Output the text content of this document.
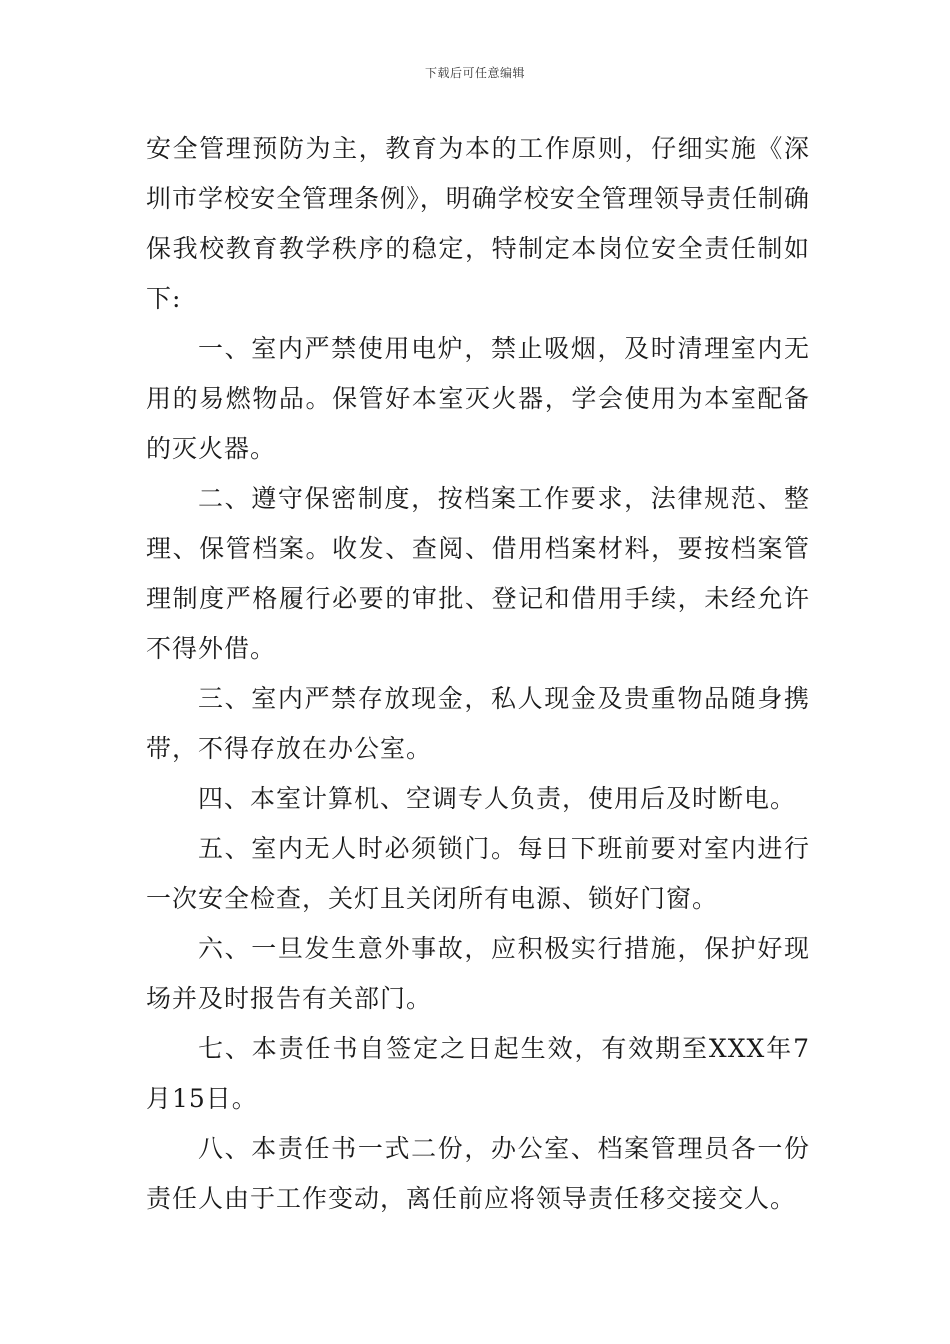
下载后可任意编辑

安全管理预防为主，教育为本的工作原则，仔细实施《深圳市学校安全管理条例》，明确学校安全管理领导责任制确保我校教育教学秩序的稳定，特制定本岗位安全责任制如下:

一、室内严禁使用电炉，禁止吸烟，及时清理室内无用的易燃物品。保管好本室灭火器，学会使用为本室配备的灭火器。

二、遵守保密制度，按档案工作要求，法律规范、整理、保管档案。收发、查阅、借用档案材料，要按档案管理制度严格履行必要的审批、登记和借用手续，未经允许不得外借。

三、室内严禁存放现金，私人现金及贵重物品随身携带，不得存放在办公室。

四、本室计算机、空调专人负责，使用后及时断电。

五、室内无人时必须锁门。每日下班前要对室内进行一次安全检查，关灯且关闭所有电源、锁好门窗。

六、一旦发生意外事故，应积极实行措施，保护好现场并及时报告有关部门。

七、本责任书自签定之日起生效，有效期至XXX年7月15日。

八、本责任书一式二份，办公室、档案管理员各一份责任人由于工作变动，离任前应将领导责任移交接交人。
